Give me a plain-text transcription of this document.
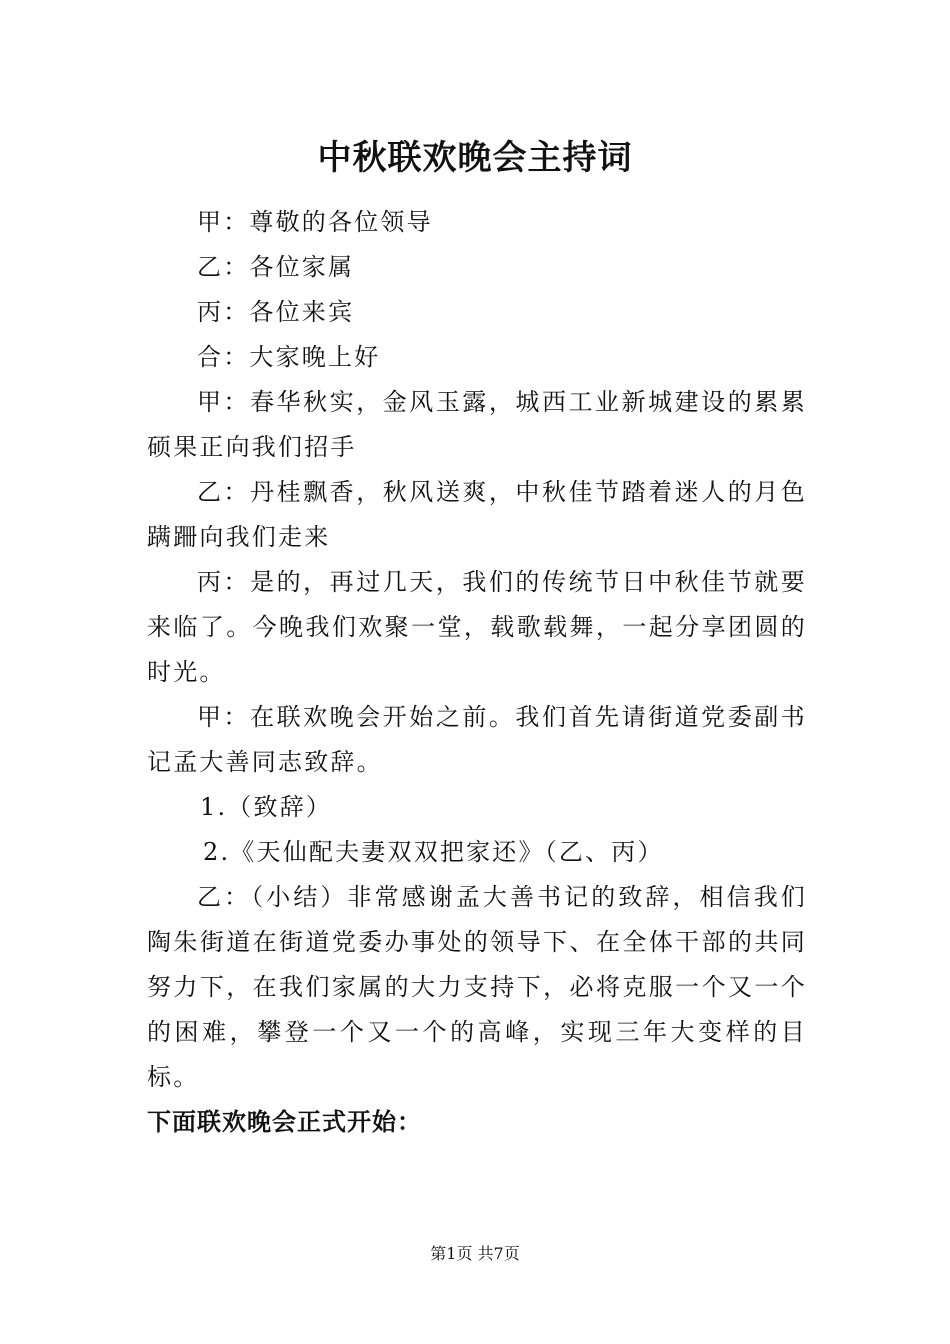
中秋联欢晚会主持词

甲：尊敬的各位领导

乙：各位家属

丙：各位来宾

合：大家晚上好

甲：春华秋实，金风玉露，城西工业新城建设的累累硕果正向我们招手

乙：丹桂飘香，秋风送爽，中秋佳节踏着迷人的月色蹒跚向我们走来

丙：是的，再过几天，我们的传统节日中秋佳节就要来临了。今晚我们欢聚一堂，载歌载舞，一起分享团圆的时光。

甲：在联欢晚会开始之前。我们首先请街道党委副书记孟大善同志致辞。

1.（致辞）

2.《天仙配夫妻双双把家还》（乙、丙）

乙：（小结）非常感谢孟大善书记的致辞，相信我们陶朱街道在街道党委办事处的领导下、在全体干部的共同努力下，在我们家属的大力支持下，必将克服一个又一个的困难，攀登一个又一个的高峰，实现三年大变样的目标。

下面联欢晚会正式开始：

第1页 共7页
